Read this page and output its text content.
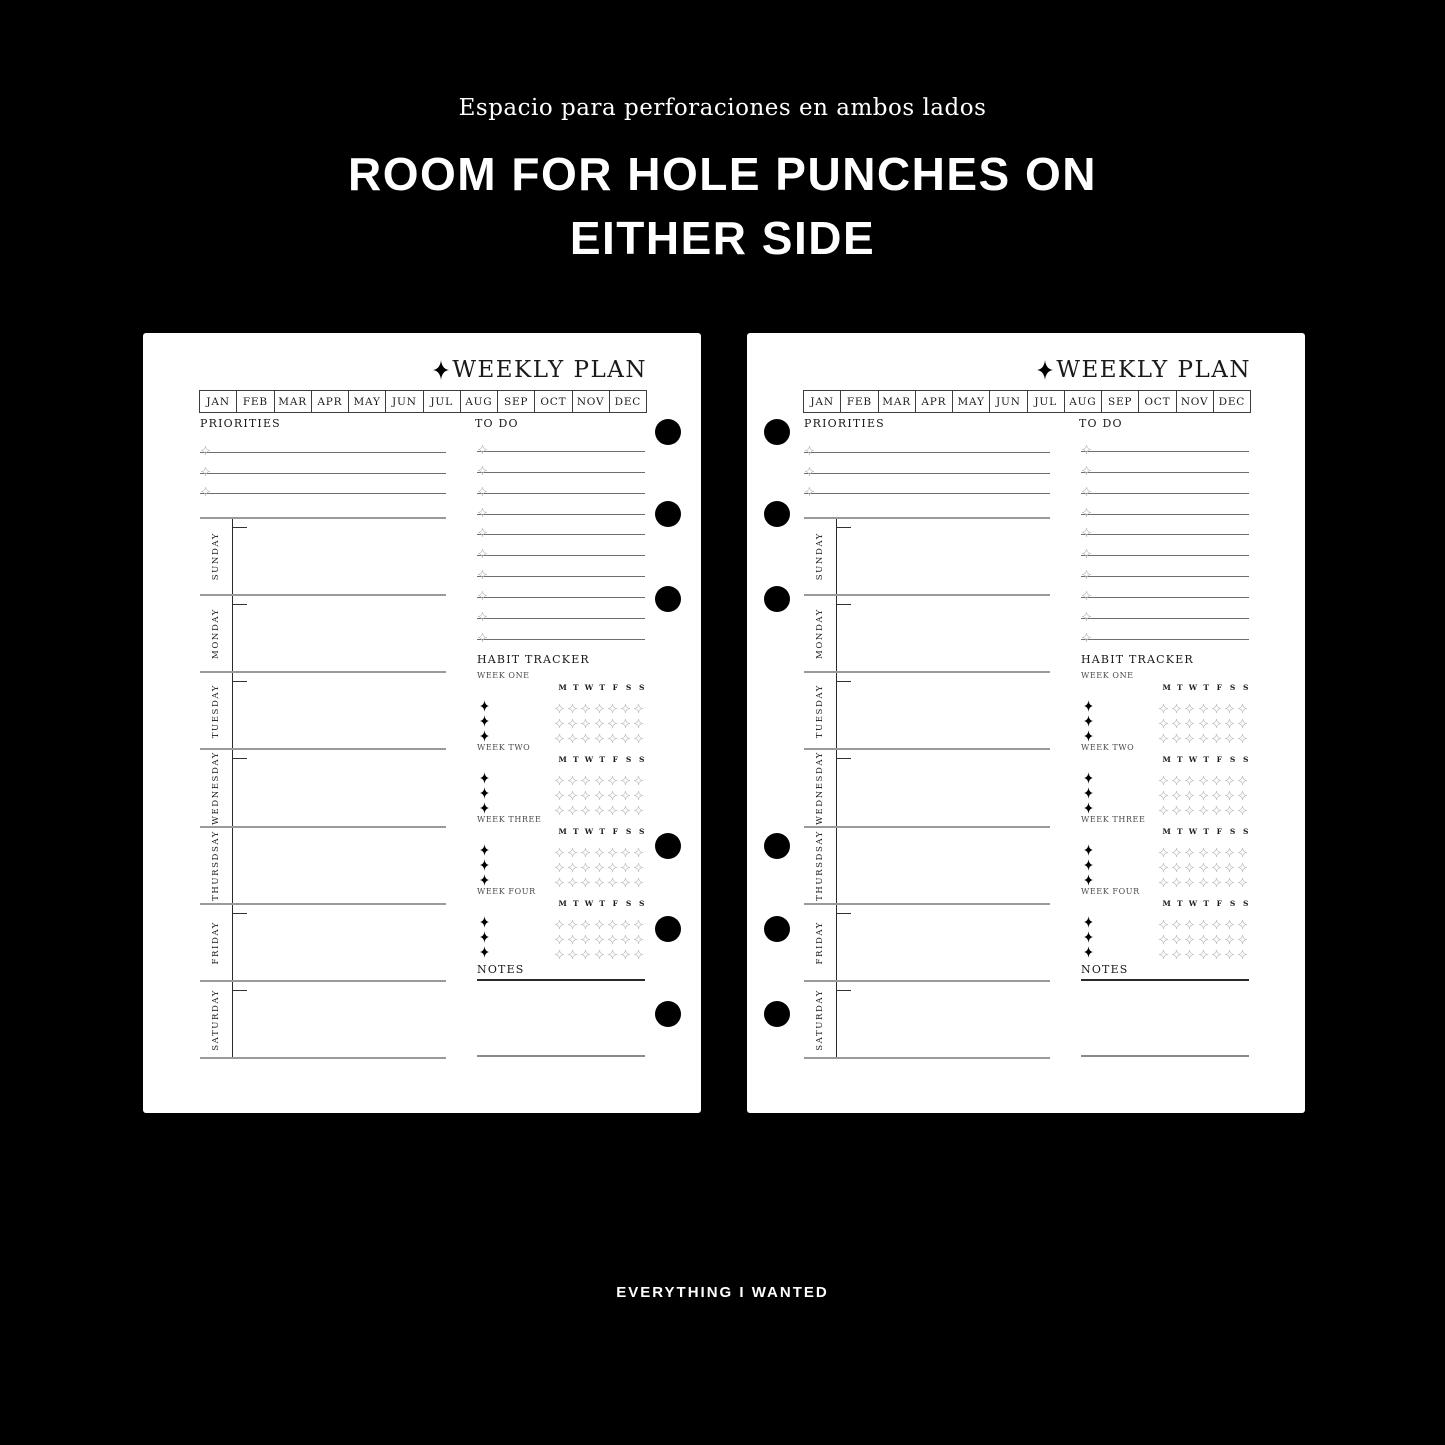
Espacio para perforaciones en ambos lados
ROOM FOR HOLE PUNCHES ON
EITHER SIDE
WEEKLY PLAN
JAN	FEB MAR APR	MAY	JUN	JUL	AUG	SEP	OCT NOV DEC
PRIORITIES	TO DO
SUNDAY
MONDAY
TUESDAY
WEDNESDAY
THURSDSAY
FRIDAY
SATURDAY
HABIT TRACKER
WEEK ONE
M T W T	F	S	S
WEEK TWO
M T W T	F	S	S
WEEK THREE
M T W T	F	S	S
WEEK FOUR
M T W T	F	S	S
NOTES
WEEKLY PLAN
JAN	FEB MAR APR	MAY	JUN	JUL	AUG	SEP	OCT NOV DEC
PRIORITIES	TO DO
SUNDAY
MONDAY
TUESDAY
WEDNESDAY
THURSDSAY
FRIDAY
SATURDAY
HABIT TRACKER
WEEK ONE
M T W T	F	S	S
WEEK TWO
M T W T	F	S	S
WEEK THREE
M T W T	F	S	S
WEEK FOUR
M T W T	F	S	S
NOTES
EVERYTHING I WANTED
